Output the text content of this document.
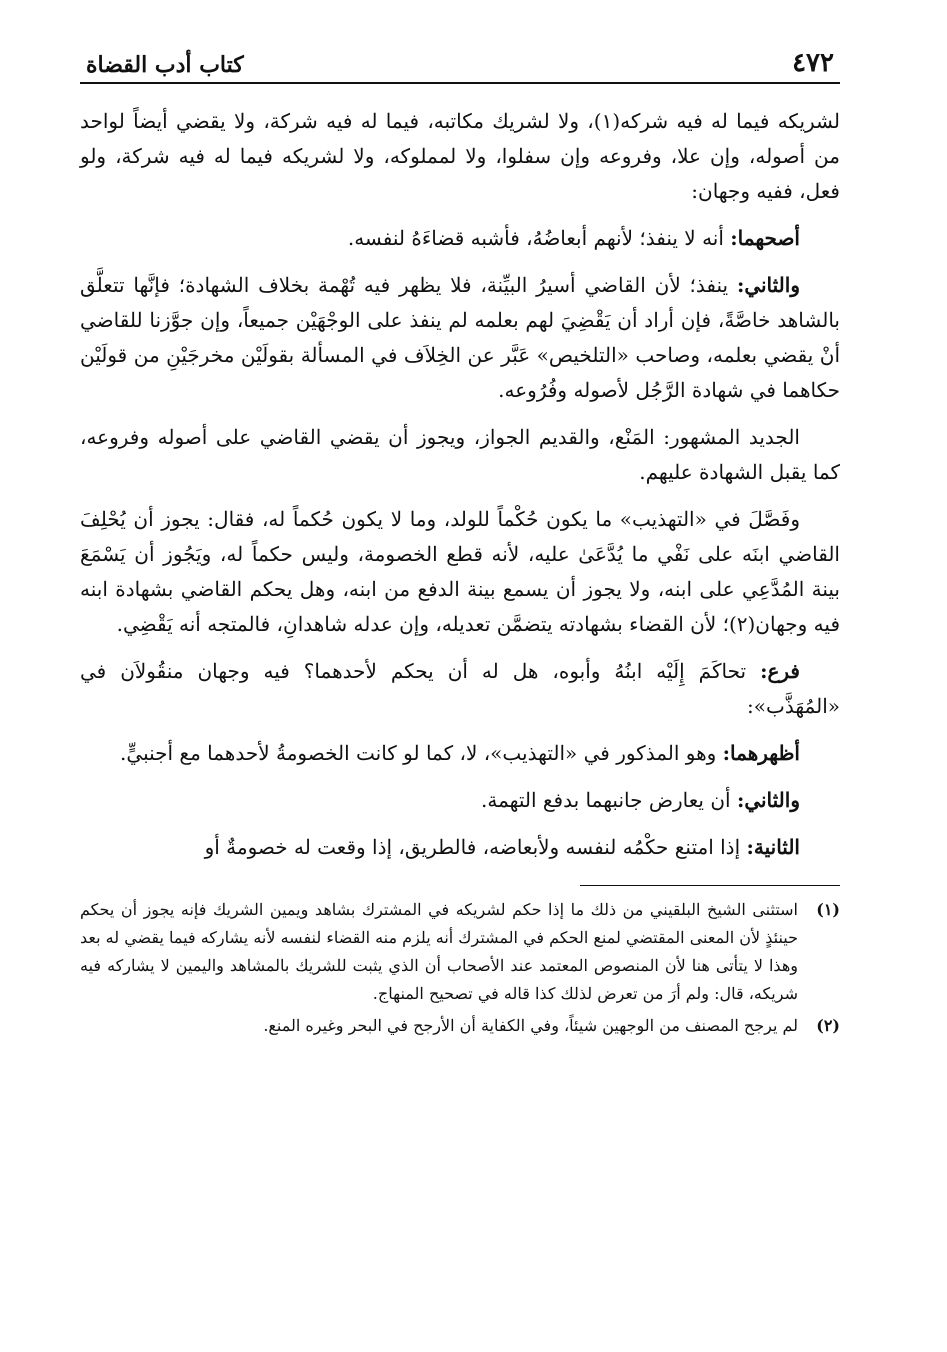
٤٧٢
كتاب أدب القضاة

لشريكه فيما له فيه شركه(١)، ولا لشريك مكاتبه، فيما له فيه شركة، ولا يقضي أيضاً لواحد من أصوله، وإن علا، وفروعه وإن سفلوا، ولا لمملوكه، ولا لشريكه فيما له فيه شركة، ولو فعل، ففيه وجهان:

أصحهما: أنه لا ينفذ؛ لأنهم أبعاضُهُ، فأشبه قضاءَهُ لنفسه.

والثاني: ينفذ؛ لأن القاضي أسيرُ البيِّنة، فلا يظهر فيه تُهْمة بخلاف الشهادة؛ فإنَّها تتعلَّق بالشاهد خاصَّةً، فإن أراد أن يَقْضِيَ لهم بعلمه لم ينفذ على الوجْهَيْن جميعاً، وإن جوَّزنا للقاضي أنْ يقضي بعلمه، وصاحب «التلخيص» عَبَّر عن الخِلاَف في المسألة بقولَيْن مخرجَيْنِ من قولَيْن حكاهما في شهادة الرَّجُل لأصوله وفُرُوعه.

الجديد المشهور: المَنْع، والقديم الجواز، ويجوز أن يقضي القاضي على أصوله وفروعه، كما يقبل الشهادة عليهم.

وفَصَّلَ في «التهذيب» ما يكون حُكْماً للولد، وما لا يكون حُكماً له، فقال: يجوز أن يُحْلِفَ القاضي ابنَه على نَفْي ما يُدَّعَىٰ عليه، لأنه قطع الخصومة، وليس حكماً له، ويَجُوز أن يَسْمَعَ بينة المُدَّعِي على ابنه، ولا يجوز أن يسمع بينة الدفع من ابنه، وهل يحكم القاضي بشهادة ابنه فيه وجهان(٢)؛ لأن القضاء بشهادته يتضمَّن تعديله، وإن عدله شاهدانِ، فالمتجه أنه يَقْضِي.

فرع: تحاكَمَ إِلَيْه ابنُهُ وأبوه، هل له أن يحكم لأحدهما؟ فيه وجهان منقُولاَن في «المُهَذَّب»:

أظهرهما: وهو المذكور في «التهذيب»، لا، كما لو كانت الخصومةُ لأحدهما مع أجنبيٍّ.

والثاني: أن يعارض جانبهما بدفع التهمة.

الثانية: إذا امتنع حكْمُه لنفسه ولأبعاضه، فالطريق، إذا وقعت له خصومةٌ أو

(١)
استثنى الشيخ البلقيني من ذلك ما إذا حكم لشريكه في المشترك بشاهد ويمين الشريك فإنه يجوز أن يحكم حينئذٍ لأن المعنى المقتضي لمنع الحكم في المشترك أنه يلزم منه القضاء لنفسه لأنه يشاركه فيما يقضي له بعد وهذا لا يتأتى هنا لأن المنصوص المعتمد عند الأصحاب أن الذي يثبت للشريك بالمشاهد واليمين لا يشاركه فيه شريكه، قال: ولم أرَ من تعرض لذلك كذا قاله في تصحيح المنهاج.
(٢)
لم يرجح المصنف من الوجهين شيئاً، وفي الكفاية أن الأرجح في البحر وغيره المنع.
